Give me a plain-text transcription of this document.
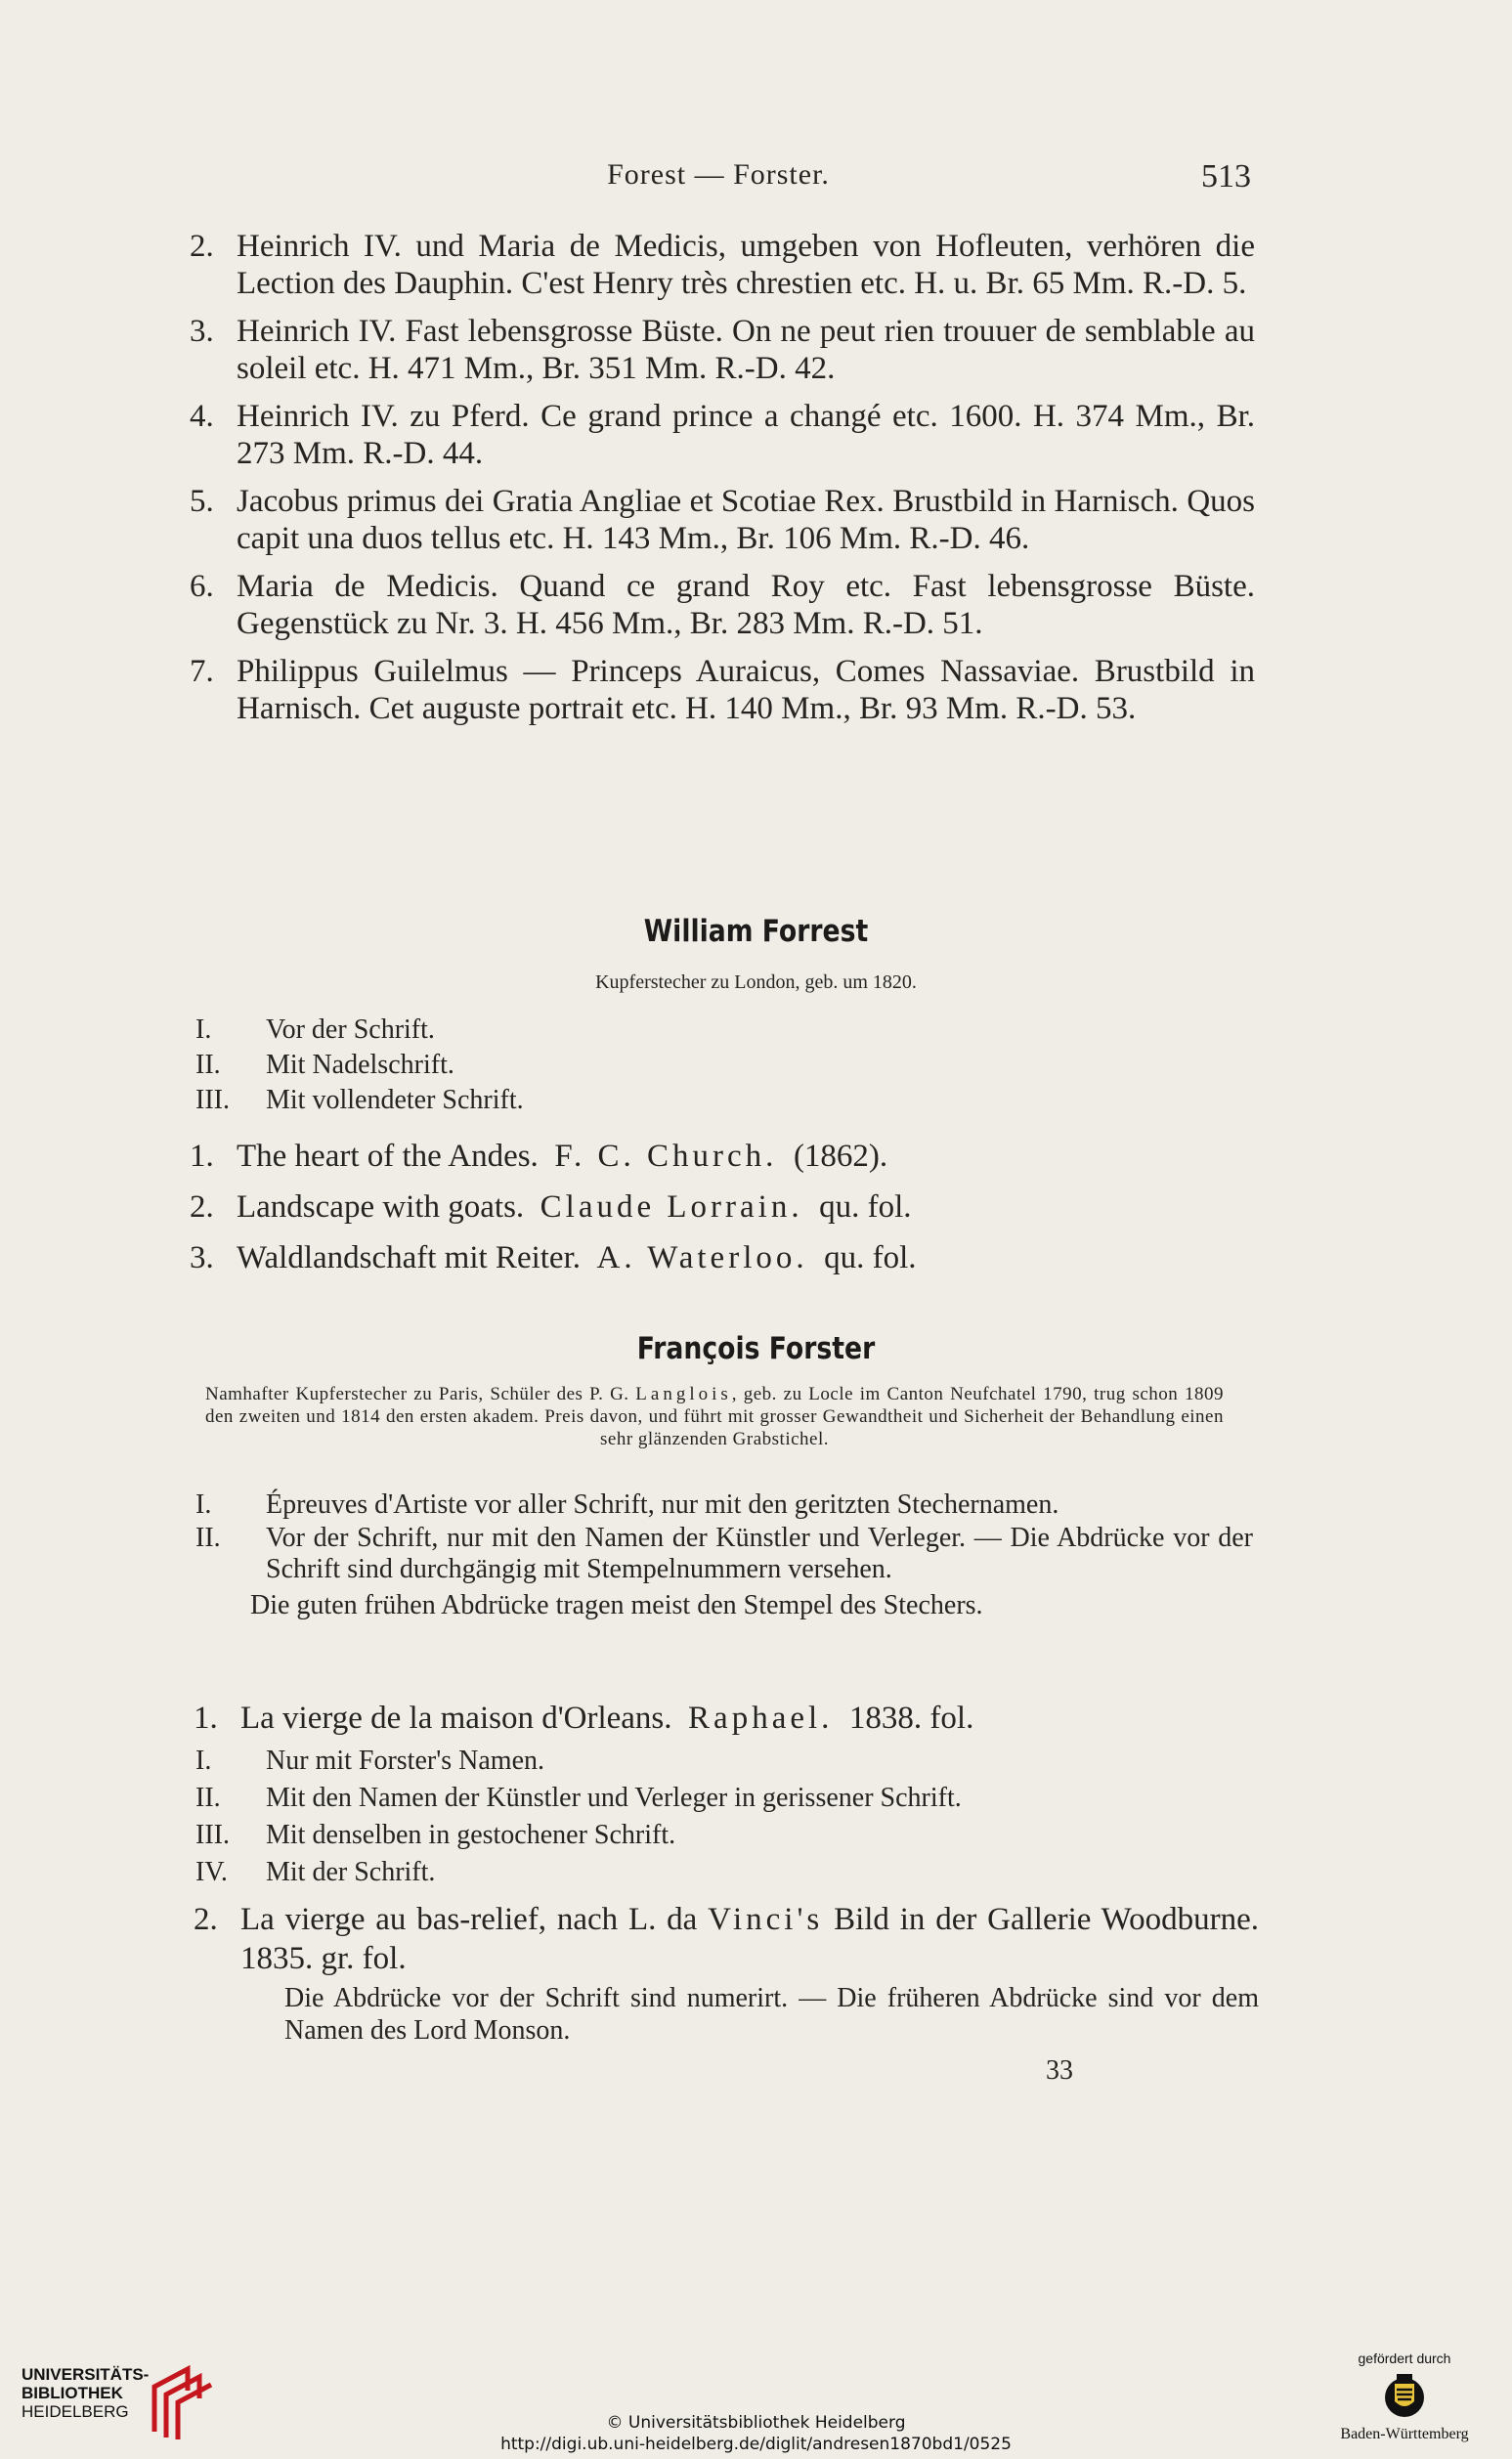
Forest — Forster.	513
2. Heinrich IV. und Maria de Medicis, umgeben von Hofleuten, verhören die Lection des Dauphin. C'est Henry très chrestien etc. H. u. Br. 65 Mm. R.-D. 5.
3. Heinrich IV. Fast lebensgrosse Büste. On ne peut rien trouuer de semblable au soleil etc. H. 471 Mm., Br. 351 Mm. R.-D. 42.
4. Heinrich IV. zu Pferd. Ce grand prince a changé etc. 1600. H. 374 Mm., Br. 273 Mm. R.-D. 44.
5. Jacobus primus dei Gratia Angliae et Scotiae Rex. Brustbild in Harnisch. Quos capit una duos tellus etc. H. 143 Mm., Br. 106 Mm. R.-D. 46.
6. Maria de Medicis. Quand ce grand Roy etc. Fast lebensgrosse Büste. Gegenstück zu Nr. 3. H. 456 Mm., Br. 283 Mm. R.-D. 51.
7. Philippus Guilelmus — Princeps Auraicus, Comes Nassaviae. Brustbild in Harnisch. Cet auguste portrait etc. H. 140 Mm., Br. 93 Mm. R.-D. 53.
William Forrest
Kupferstecher zu London, geb. um 1820.
I.	Vor der Schrift.
II.	Mit Nadelschrift.
III.	Mit vollendeter Schrift.
1. The heart of the Andes. F. C. Church. (1862).
2. Landscape with goats. Claude Lorrain. qu. fol.
3. Waldlandschaft mit Reiter. A. Waterloo. qu. fol.
François Forster
Namhafter Kupferstecher zu Paris, Schüler des P. G. Langlois, geb. zu Locle im Canton Neufchatel 1790, trug schon 1809 den zweiten und 1814 den ersten akadem. Preis davon, und führt mit grosser Gewandtheit und Sicherheit der Behandlung einen sehr glänzenden Grabstichel.
I.	Épreuves d'Artiste vor aller Schrift, nur mit den geritzten Stechernamen.
II.	Vor der Schrift, nur mit den Namen der Künstler und Verleger. — Die Abdrücke vor der Schrift sind durchgängig mit Stempelnummern versehen.
Die guten frühen Abdrücke tragen meist den Stempel des Stechers.
1. La vierge de la maison d'Orleans. Raphael. 1838. fol.
I.	Nur mit Forster's Namen.
II.	Mit den Namen der Künstler und Verleger in gerissener Schrift.
III.	Mit denselben in gestochener Schrift.
IV.	Mit der Schrift.
2. La vierge au bas-relief, nach L. da Vinci's Bild in der Gallerie Woodburne. 1835. gr. fol.
Die Abdrücke vor der Schrift sind numerirt. — Die früheren Abdrücke sind vor dem Namen des Lord Monson.
33
UNIVERSITÄTS-
BIBLIOTHEK
HEIDELBERG
© Universitätsbibliothek Heidelberg
http://digi.ub.uni-heidelberg.de/diglit/andresen1870bd1/0525
gefördert durch
Baden-Württemberg
